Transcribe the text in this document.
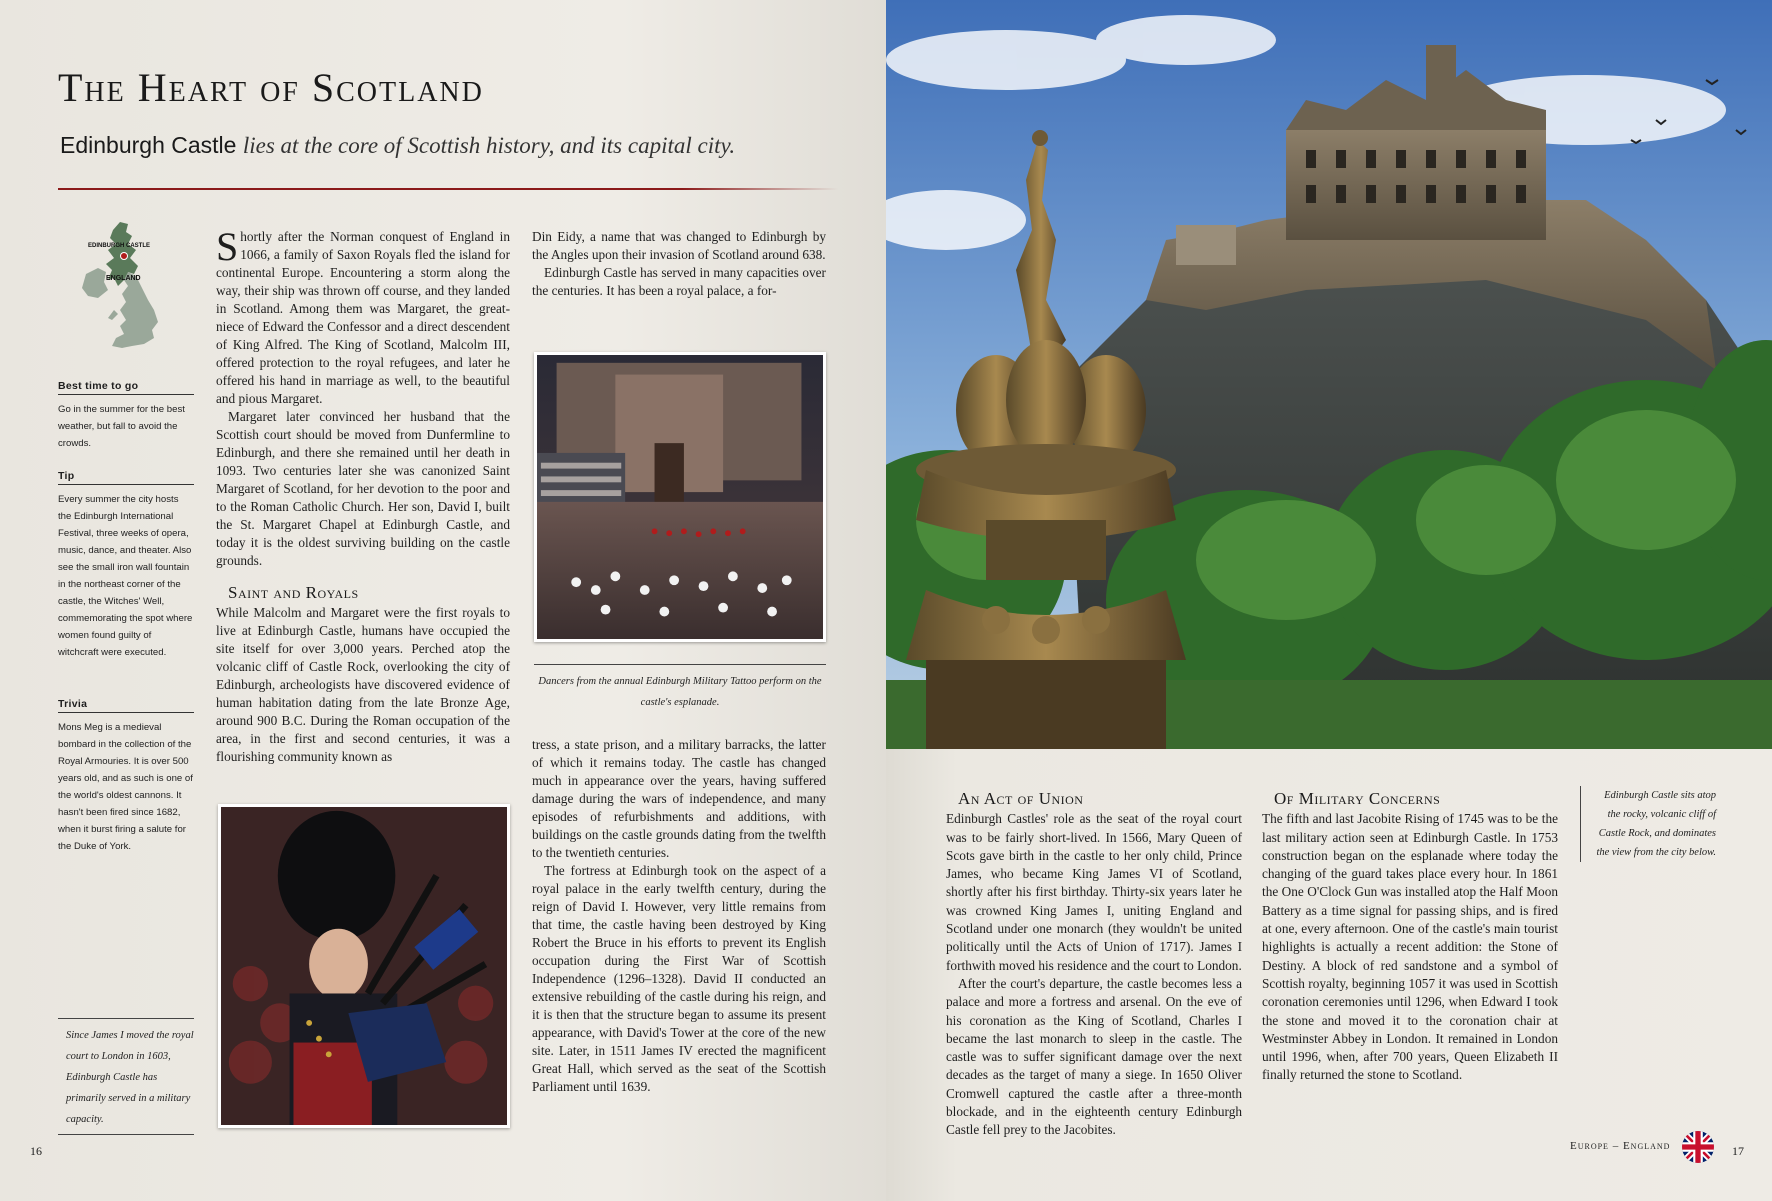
The Heart of Scotland
Edinburgh Castle lies at the core of Scottish history, and its capital city.
EDINBURGH CASTLE
ENGLAND
Best time to go

Go in the summer for the best weather, but fall to avoid the crowds.

Tip

Every summer the city hosts the Edinburgh International Festival, three weeks of opera, music, dance, and theater. Also see the small iron wall fountain in the northeast corner of the castle, the Witches' Well, commemorating the spot where women found guilty of witchcraft were executed.

Trivia

Mons Meg is a medieval bombard in the collection of the Royal Armouries. It is over 500 years old, and as such is one of the world's oldest cannons. It hasn't been fired since 1682, when it burst firing a salute for the Duke of York.

Since James I moved the royal court to London in 1603, Edinburgh Castle has primarily served in a military capacity.

Shortly after the Norman conquest of England in 1066, a family of Saxon Royals fled the island for continental Europe. Encountering a storm along the way, their ship was thrown off course, and they landed in Scotland. Among them was Margaret, the great-niece of Edward the Confessor and a direct descendent of King Alfred. The King of Scotland, Malcolm III, offered protection to the royal refugees, and later he offered his hand in marriage as well, to the beautiful and pious Margaret.

Margaret later convinced her husband that the Scottish court should be moved from Dunfermline to Edinburgh, and there she remained until her death in 1093. Two centuries later she was canonized Saint Margaret of Scotland, for her devotion to the poor and to the Roman Catholic Church. Her son, David I, built the St. Margaret Chapel at Edinburgh Castle, and today it is the oldest surviving building on the castle grounds.

Saint and Royals

While Malcolm and Margaret were the first royals to live at Edinburgh Castle, humans have occupied the site itself for over 3,000 years. Perched atop the volcanic cliff of Castle Rock, overlooking the city of Edinburgh, archeologists have discovered evidence of human habitation dating from the late Bronze Age, around 900 B.C. During the Roman occupation of the area, in the first and second centuries, it was a flourishing community known as

Din Eidy, a name that was changed to Edinburgh by the Angles upon their invasion of Scotland around 638.

Edinburgh Castle has served in many capacities over the centuries. It has been a royal palace, a for-

Dancers from the annual Edinburgh Military Tattoo perform on the castle's esplanade.

tress, a state prison, and a military barracks, the latter of which it remains today. The castle has changed much in appearance over the years, having suffered damage during the wars of independence, and many episodes of refurbishments and additions, with buildings on the castle grounds dating from the twelfth to the twentieth centuries.

The fortress at Edinburgh took on the aspect of a royal palace in the early twelfth century, during the reign of David I. However, very little remains from that time, the castle having been destroyed by King Robert the Bruce in his efforts to prevent its English occupation during the First War of Scottish Independence (1296–1328). David II conducted an extensive rebuilding of the castle during his reign, and it is then that the structure began to assume its present appearance, with David's Tower at the core of the new site. Later, in 1511 James IV erected the magnificent Great Hall, which served as the seat of the Scottish Parliament until 1639.

16

An Act of Union

Edinburgh Castles' role as the seat of the royal court was to be fairly short-lived. In 1566, Mary Queen of Scots gave birth in the castle to her only child, Prince James, who became King James VI of Scotland, shortly after his first birthday. Thirty-six years later he was crowned King James I, uniting England and Scotland under one monarch (they wouldn't be united politically until the Acts of Union of 1717). James I forthwith moved his residence and the court to London.

After the court's departure, the castle becomes less a palace and more a fortress and arsenal. On the eve of his coronation as the King of Scotland, Charles I became the last monarch to sleep in the castle. The castle was to suffer significant damage over the next decades as the target of many a siege. In 1650 Oliver Cromwell captured the castle after a three-month blockade, and in the eighteenth century Edinburgh Castle fell prey to the Jacobites.

Of Military Concerns

The fifth and last Jacobite Rising of 1745 was to be the last military action seen at Edinburgh Castle. In 1753 construction began on the esplanade where today the changing of the guard takes place every hour. In 1861 the One O'Clock Gun was installed atop the Half Moon Battery as a time signal for passing ships, and is fired at one, every afternoon. One of the castle's main tourist highlights is actually a recent addition: the Stone of Destiny. A block of red sandstone and a symbol of Scottish royalty, beginning 1057 it was used in Scottish coronation ceremonies until 1296, when Edward I took the stone and moved it to the coronation chair at Westminster Abbey in London. It remained in London until 1996, when, after 700 years, Queen Elizabeth II finally returned the stone to Scotland.

Edinburgh Castle sits atop the rocky, volcanic cliff of Castle Rock, and dominates the view from the city below.
Europe – England	17
